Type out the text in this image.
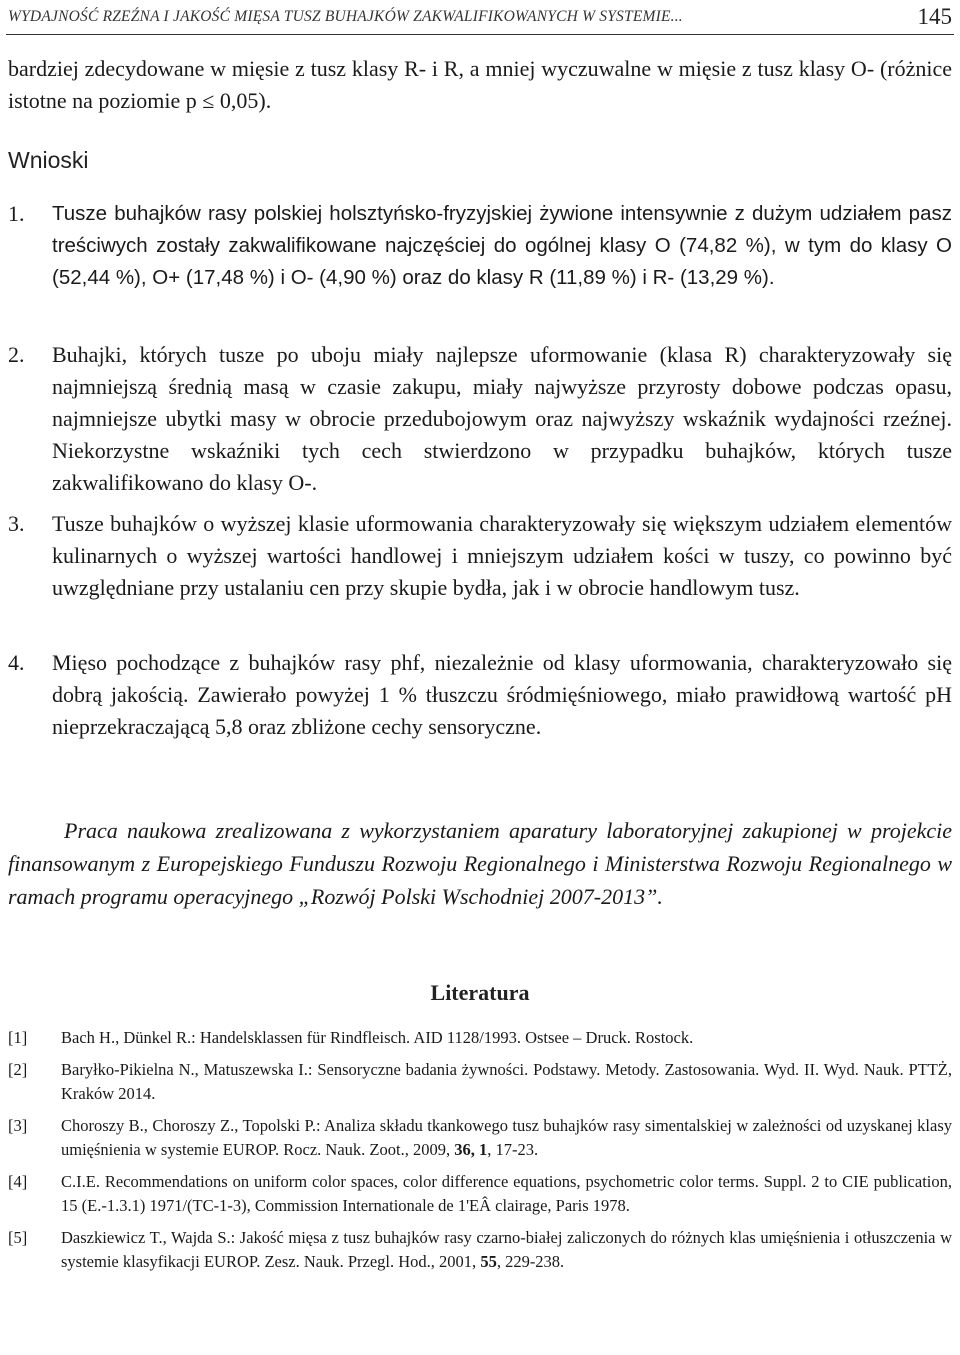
WYDAJNOŚĆ RZEŹNA I JAKOŚĆ MIĘSA TUSZ BUHAJKÓW ZAKWALIFIKOWANYCH W SYSTEMIE...	145
bardziej zdecydowane w mięsie z tusz klasy R- i R, a mniej wyczuwalne w mięsie z tusz klasy O- (różnice istotne na poziomie p ≤ 0,05).
Wnioski
1. Tusze buhajków rasy polskiej holsztyńsko-fryzyjskiej żywione intensywnie z dużym udziałem pasz treściwych zostały zakwalifikowane najczęściej do ogólnej klasy O (74,82 %), w tym do klasy O (52,44 %), O+ (17,48 %) i O- (4,90 %) oraz do klasy R (11,89 %) i R- (13,29 %).
2. Buhajki, których tusze po uboju miały najlepsze uformowanie (klasa R) charakteryzowały się najmniejszą średnią masą w czasie zakupu, miały najwyższe przyrosty dobowe podczas opasu, najmniejsze ubytki masy w obrocie przedubojowym oraz najwyższy wskaźnik wydajności rzeźnej. Niekorzystne wskaźniki tych cech stwierdzono w przypadku buhajków, których tusze zakwalifikowano do klasy O-.
3. Tusze buhajków o wyższej klasie uformowania charakteryzowały się większym udziałem elementów kulinarnych o wyższej wartości handlowej i mniejszym udziałem kości w tuszy, co powinno być uwzględniane przy ustalaniu cen przy skupie bydła, jak i w obrocie handlowym tusz.
4. Mięso pochodzące z buhajków rasy phf, niezależnie od klasy uformowania, charakteryzowało się dobrą jakością. Zawierało powyżej 1 % tłuszczu śródmięśniowego, miało prawidłową wartość pH nieprzekraczającą 5,8 oraz zbliżone cechy sensoryczne.
Praca naukowa zrealizowana z wykorzystaniem aparatury laboratoryjnej zakupionej w projekcie finansowanym z Europejskiego Funduszu Rozwoju Regionalnego i Ministerstwa Rozwoju Regionalnego w ramach programu operacyjnego „Rozwój Polski Wschodniej 2007-2013”.
Literatura
[1] Bach H., Dünkel R.: Handelsklassen für Rindfleisch. AID 1128/1993. Ostsee – Druck. Rostock.
[2] Baryłko-Pikielna N., Matuszewska I.: Sensoryczne badania żywności. Podstawy. Metody. Zastosowania. Wyd. II. Wyd. Nauk. PTTŻ, Kraków 2014.
[3] Choroszy B., Choroszy Z., Topolski P.: Analiza składu tkankowego tusz buhajków rasy simentalskiej w zależności od uzyskanej klasy umięśnienia w systemie EUROP. Rocz. Nauk. Zoot., 2009, 36, 1, 17-23.
[4] C.I.E. Recommendations on uniform color spaces, color difference equations, psychometric color terms. Suppl. 2 to CIE publication, 15 (E.-1.3.1) 1971/(TC-1-3), Commission Internationale de 1'EÂ clairage, Paris 1978.
[5] Daszkiewicz T., Wajda S.: Jakość mięsa z tusz buhajków rasy czarno-białej zaliczonych do różnych klas umięśnienia i otłuszczenia w systemie klasyfikacji EUROP. Zesz. Nauk. Przegl. Hod., 2001, 55, 229-238.
